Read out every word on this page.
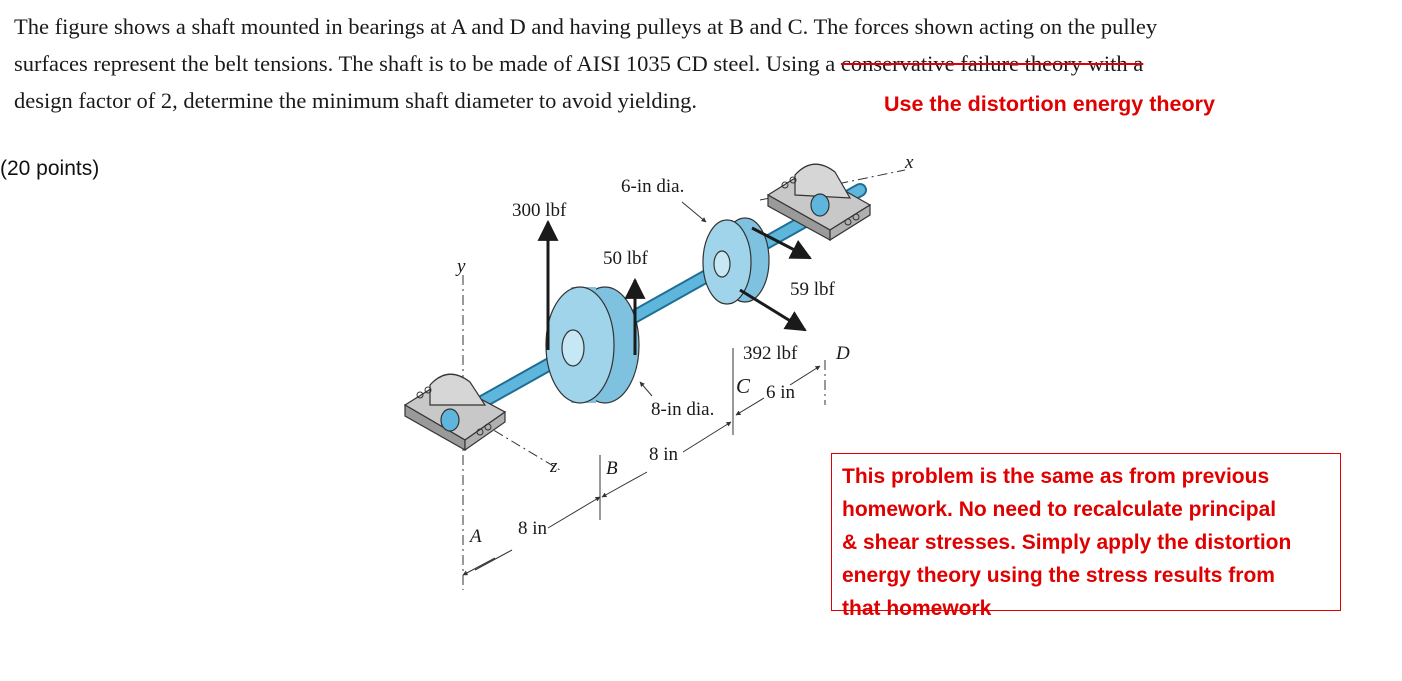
The figure shows a shaft mounted in bearings at A and D and having pulleys at B and C. The forces shown acting on the pulley
surfaces represent the belt tensions. The shaft is to be made of AISI 1035 CD steel. Using a conservative failure theory with a
design factor of 2, determine the minimum shaft diameter to avoid yielding.	Use the distortion energy theory
(20 points)	x
y
z
300 lbf
50 lbf
6-in dia.
59 lbf
392 lbf D
C 6 in
8-in dia.
B
8 in
A 8 in
This problem is the same as from previous
homework. No need to recalculate principal
& shear stresses. Simply apply the distortion
energy theory using the stress results from
that homework
